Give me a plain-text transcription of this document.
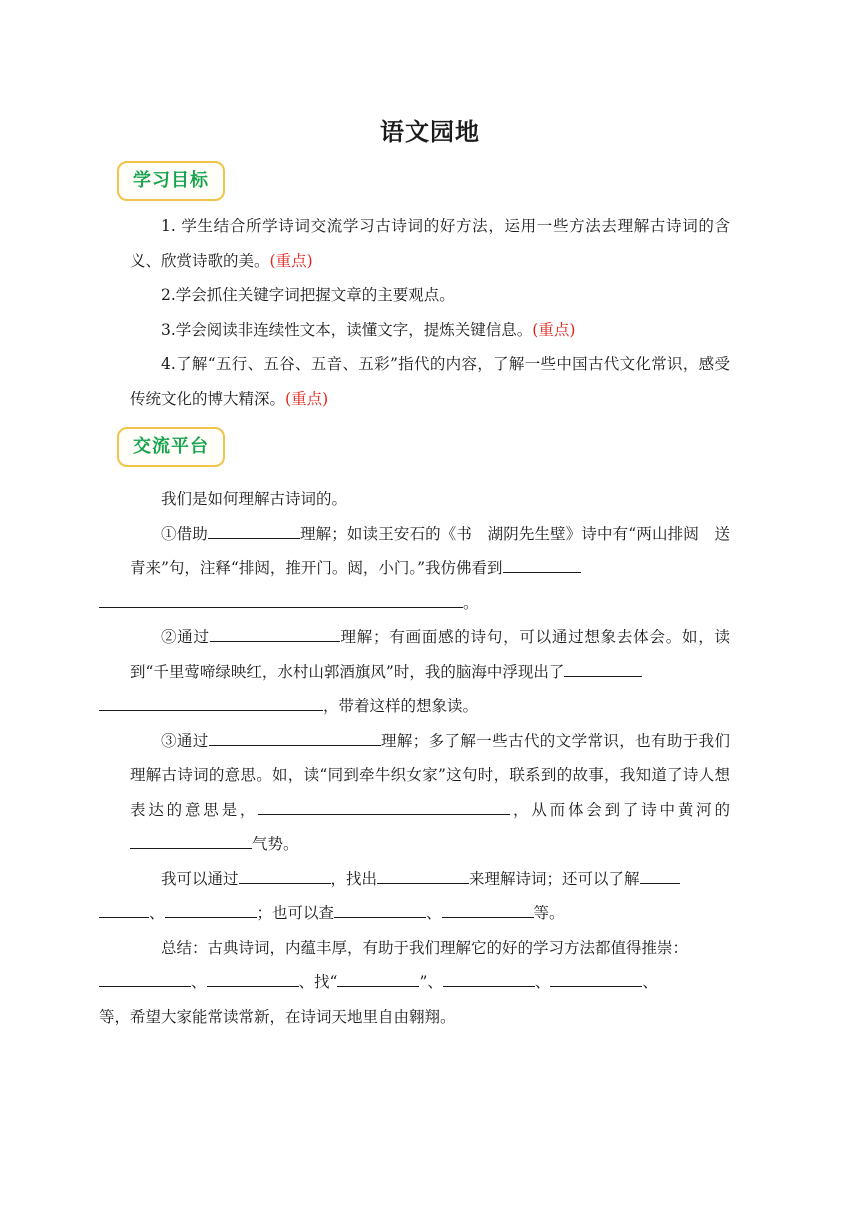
语文园地
学习目标

1. 学生结合所学诗词交流学习古诗词的好方法，运用一些方法去理解古诗词的含义、欣赏诗歌的美。(重点)

2.学会抓住关键字词把握文章的主要观点。

3.学会阅读非连续性文本，读懂文字，提炼关键信息。(重点)

4.了解“五行、五谷、五音、五彩”指代的内容，了解一些中国古代文化常识，感受传统文化的博大精深。(重点)

交流平台

我们是如何理解古诗词的。

①借助	理解；如读王安石的《书　湖阴先生壁》诗中有“两山排闼　送青来”句，注释“排闼，推开门。闼，小门。”我仿佛看到
。

②通过	理解；有画面感的诗句，可以通过想象去体会。如，读到“千里莺啼绿映红，水村山郭酒旗风”时，我的脑海中浮现出了
，带着这样的想象读。

③通过	理解；多了解一些古代的文学常识，也有助于我们理解古诗词的意思。如，读“同到牵牛织女家”这句时，联系到的故事，我知道了诗人想表达的意思是，	，从而体会到了诗中黄河的气势。

我可以通过	，找出	来理解诗词；还可以了解
、	；也可以查	、	等。

总结：古典诗词，内蕴丰厚，有助于我们理解它的好的学习方法都值得推崇：
、	、找“	”、	、	、
等，希望大家能常读常新，在诗词天地里自由翱翔。
